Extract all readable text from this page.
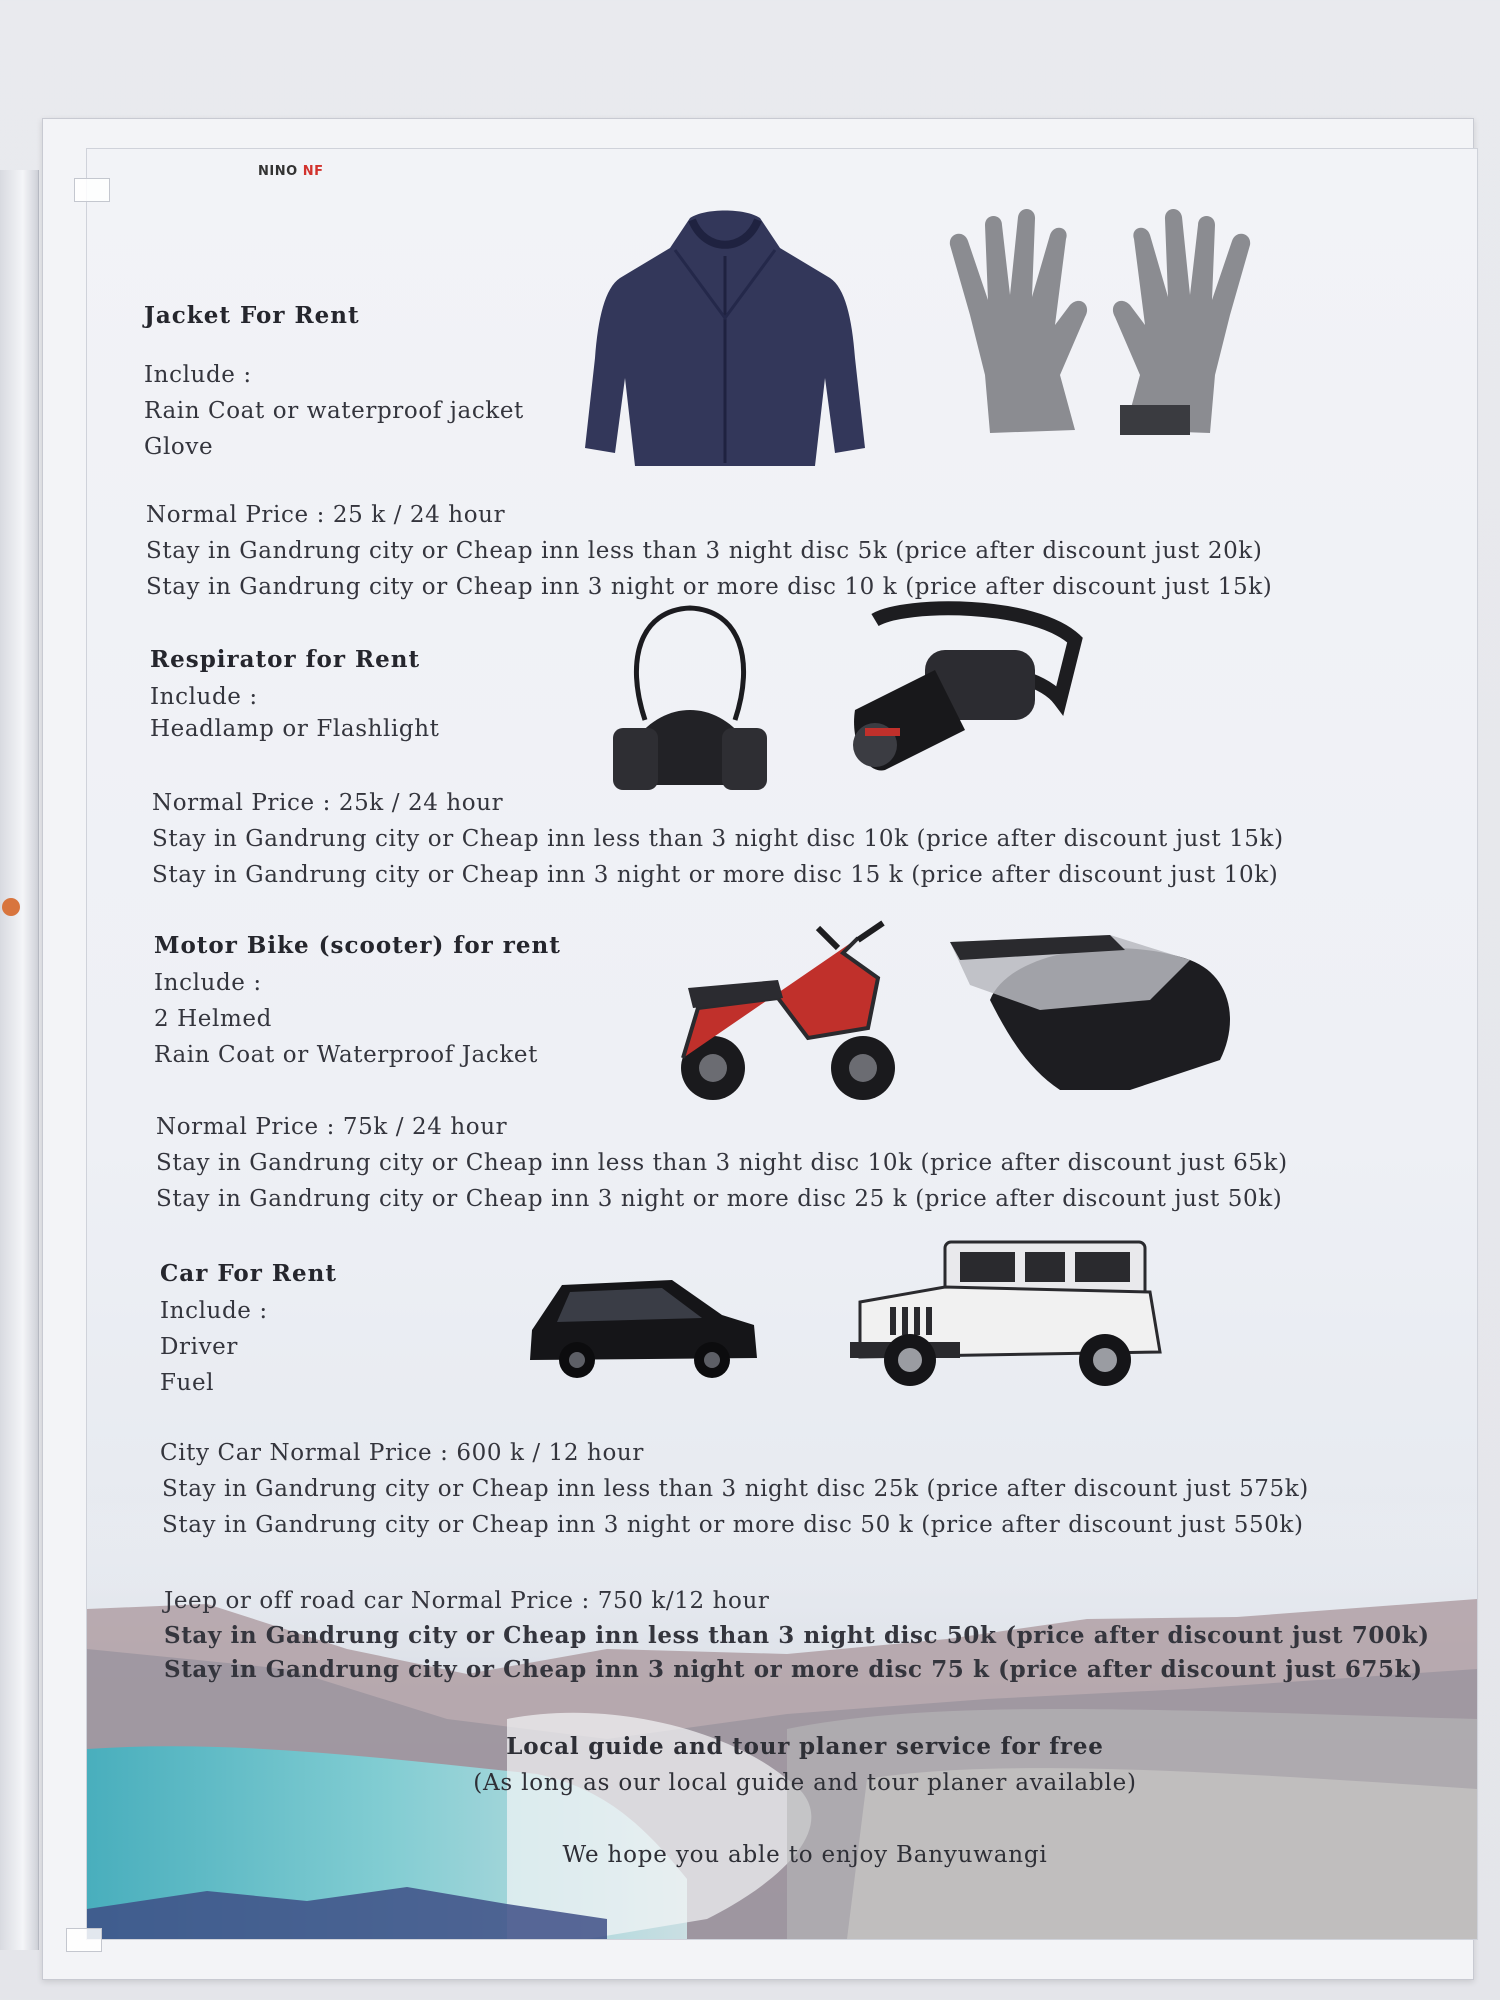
NINO NF
Jacket For Rent
Include :
Rain Coat or waterproof jacket
Glove
Normal Price : 25 k / 24 hour
Stay in Gandrung city or Cheap inn less than 3 night disc 5k (price after discount just 20k)
Stay in Gandrung city or Cheap inn 3 night or more disc 10 k (price after discount just 15k)
Respirator for Rent
Include :
Headlamp or Flashlight
Normal Price : 25k / 24 hour
Stay in Gandrung city or Cheap inn less than 3 night disc 10k (price after discount just 15k)
Stay in Gandrung city or Cheap inn 3 night or more disc 15 k (price after discount just 10k)
Motor Bike (scooter) for rent
Include :
2 Helmed
Rain Coat or Waterproof Jacket
Normal Price : 75k / 24 hour
Stay in Gandrung city or Cheap inn less than 3 night disc 10k (price after discount just 65k)
Stay in Gandrung city or Cheap inn 3 night or more disc 25 k (price after discount just 50k)
Car For Rent
Include :
Driver
Fuel
City Car Normal Price : 600 k / 12 hour
Stay in Gandrung city or Cheap inn less than 3 night disc 25k (price after discount just 575k)
Stay in Gandrung city or Cheap inn 3 night or more disc 50 k (price after discount just 550k)
Jeep or off road car Normal Price : 750 k/12 hour
Stay in Gandrung city or Cheap inn less than 3 night disc 50k (price after discount just 700k)
Stay in Gandrung city or Cheap inn 3 night or more disc 75 k (price after discount just 675k)
Local guide and tour planer service for free
(As long as our local guide and tour planer available)
We hope you able to enjoy Banyuwangi
